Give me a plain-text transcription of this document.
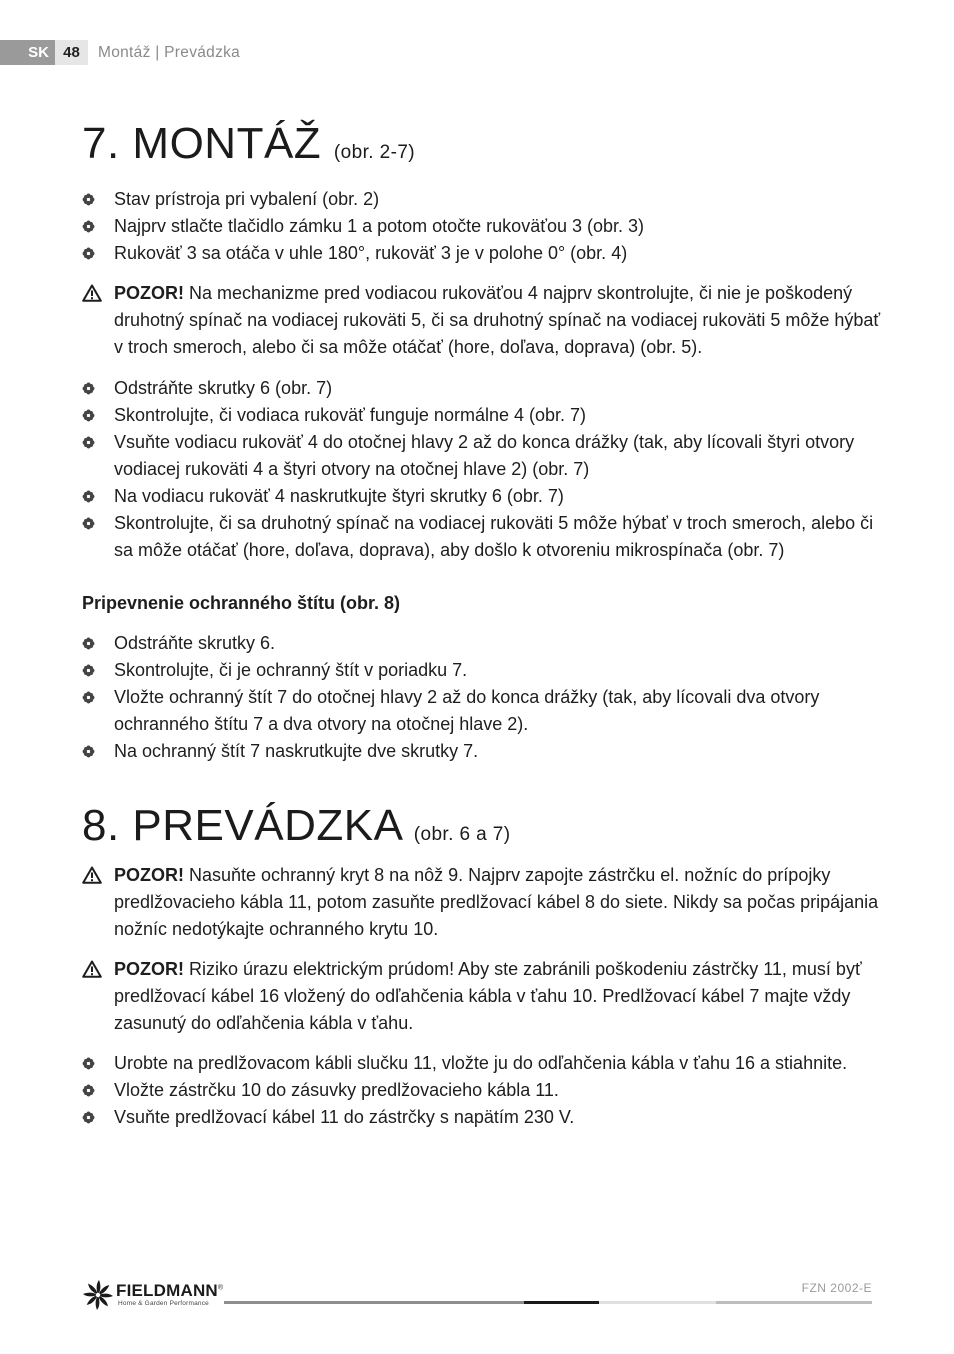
SK 48	Montáž | Prevádzka
7. MONTÁŽ (obr. 2-7)
Stav prístroja pri vybalení (obr. 2)
Najprv stlačte tlačidlo zámku 1 a potom otočte rukoväťou 3 (obr. 3)
Rukoväť 3 sa otáča v uhle 180°, rukoväť 3 je v polohe 0° (obr. 4)
POZOR! Na mechanizme pred vodiacou rukoväťou 4 najprv skontrolujte, či nie je poškodený druhotný spínač na vodiacej rukoväti 5, či sa druhotný spínač na vodiacej rukoväti 5 môže hýbať v troch smeroch, alebo či sa môže otáčať (hore, doľava, doprava) (obr. 5).
Odstráňte skrutky 6 (obr. 7)
Skontrolujte, či vodiaca rukoväť funguje normálne 4 (obr. 7)
Vsuňte vodiacu rukoväť 4 do otočnej hlavy 2 až do konca drážky (tak, aby lícovali štyri otvory vodiacej rukoväti 4 a štyri otvory na otočnej hlave 2) (obr. 7)
Na vodiacu rukoväť 4 naskrutkujte štyri skrutky 6 (obr. 7)
Skontrolujte, či sa druhotný spínač na vodiacej rukoväti 5 môže hýbať v troch smeroch, alebo či sa môže otáčať (hore, doľava, doprava), aby došlo k otvoreniu mikrospínača (obr. 7)
Pripevnenie ochranného štítu (obr. 8)
Odstráňte skrutky 6.
Skontrolujte, či je ochranný štít v poriadku 7.
Vložte ochranný štít 7 do otočnej hlavy 2 až do konca drážky (tak, aby lícovali dva otvory ochranného štítu 7 a dva otvory na otočnej hlave 2).
Na ochranný štít 7 naskrutkujte dve skrutky 7.
8. PREVÁDZKA (obr. 6 a 7)
POZOR! Nasuňte ochranný kryt 8 na nôž 9. Najprv zapojte zástrčku el. nožníc do prípojky predlžovacieho kábla 11, potom zasuňte predlžovací kábel 8 do siete. Nikdy sa počas pripájania nožníc nedotýkajte ochranného krytu 10.
POZOR! Riziko úrazu elektrickým prúdom! Aby ste zabránili poškodeniu zástrčky 11, musí byť predlžovací kábel 16 vložený do odľahčenia kábla v ťahu 10. Predlžovací kábel 7 majte vždy zasunutý do odľahčenia kábla v ťahu.
Urobte na predlžovacom kábli slučku 11, vložte ju do odľahčenia kábla v ťahu 16 a stiahnite.
Vložte zástrčku 10 do zásuvky predlžovacieho kábla 11.
Vsuňte predlžovací kábel 11 do zástrčky s napätím 230 V.
FIELDMANN®
Home & Garden Performance
FZN 2002-E
